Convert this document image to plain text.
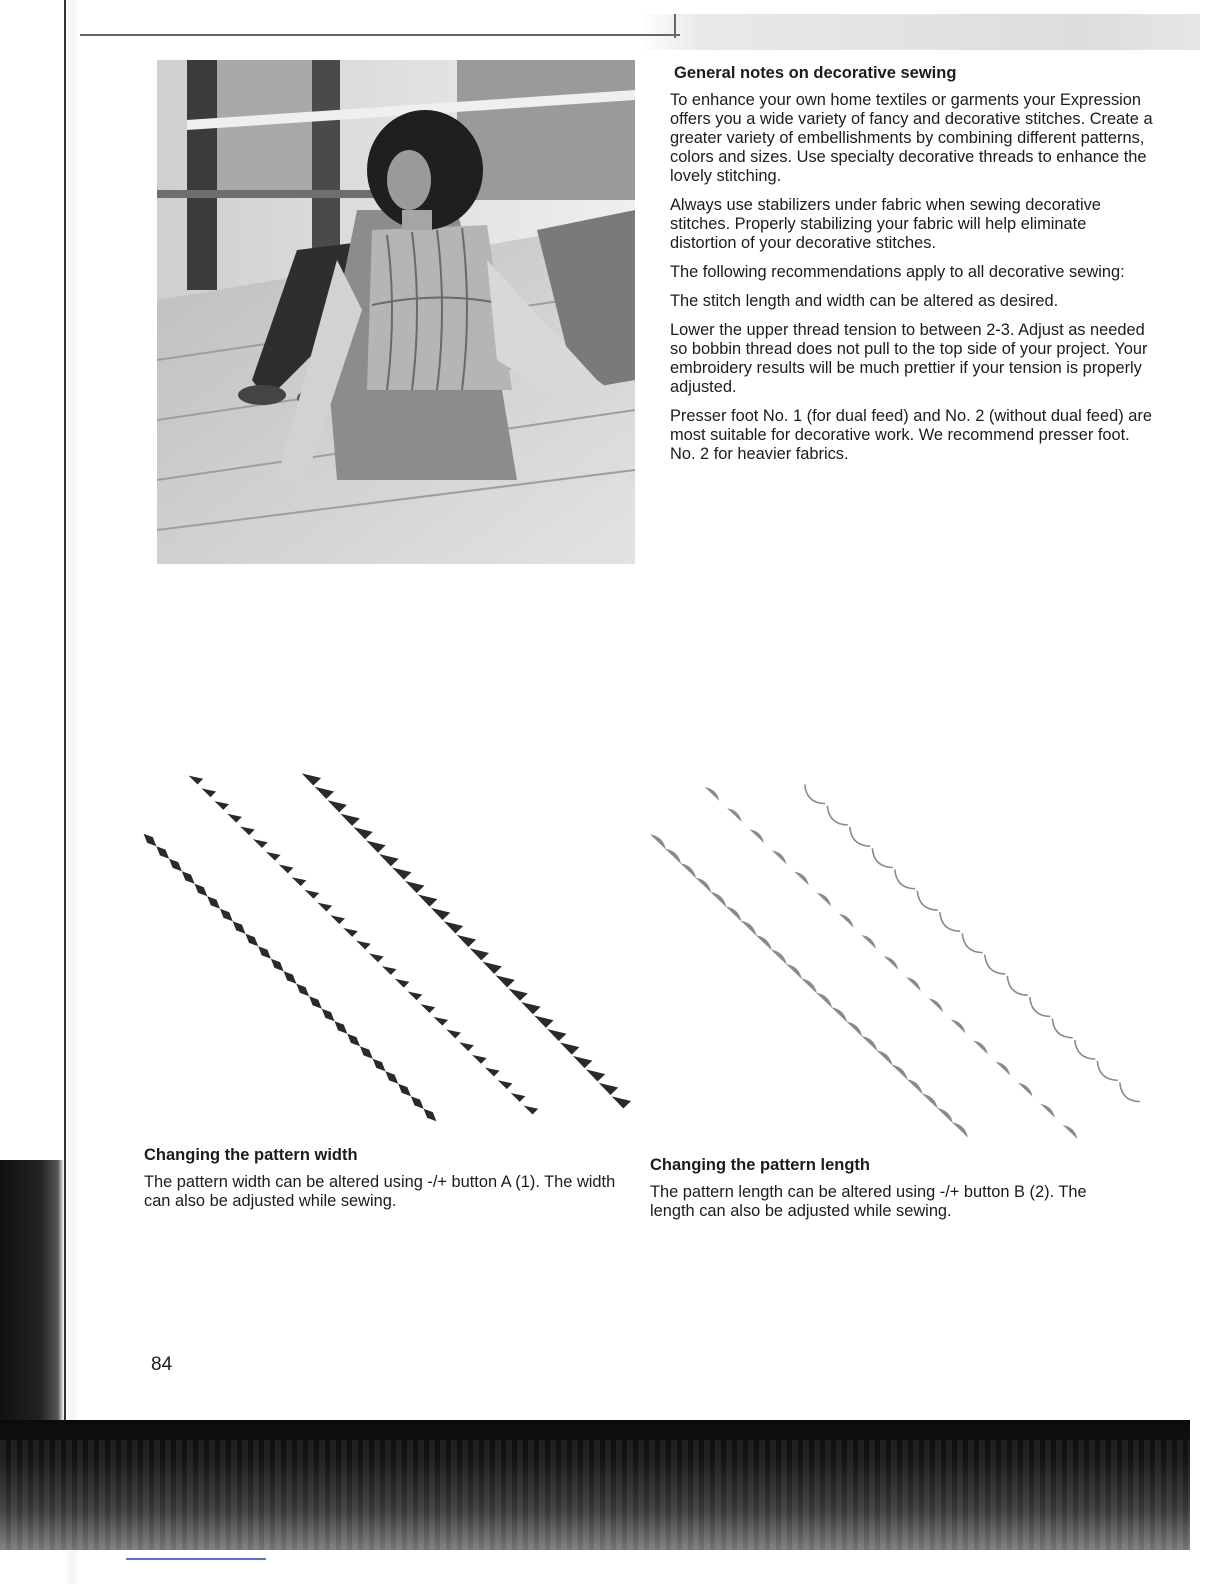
General notes on decorative sewing

To enhance your own home textiles or garments your Expression offers you a wide variety of fancy and decorative stitches. Create a greater variety of embellishments by combining different patterns, colors and sizes. Use specialty decorative threads to enhance the lovely stitching.

Always use stabilizers under fabric when sewing decorative stitches. Properly stabilizing your fabric will help eliminate distortion of your decorative stitches.

The following recommendations apply to all decorative sewing:

The stitch length and width can be altered as desired.

Lower the upper thread tension to between 2-3. Adjust as needed so bobbin thread does not pull to the top side of your project. Your embroidery results will be much prettier if your tension is properly adjusted.

Presser foot No. 1 (for dual feed) and No. 2 (without dual feed) are most suitable for decorative work. We recommend presser foot. No. 2 for heavier fabrics.

Changing the pattern width

The pattern width can be altered using -/+ button A (1). The width can also be adjusted while sewing.

Changing the pattern length

The pattern length can be altered using -/+ button B (2). The length can also be adjusted while sewing.

84
